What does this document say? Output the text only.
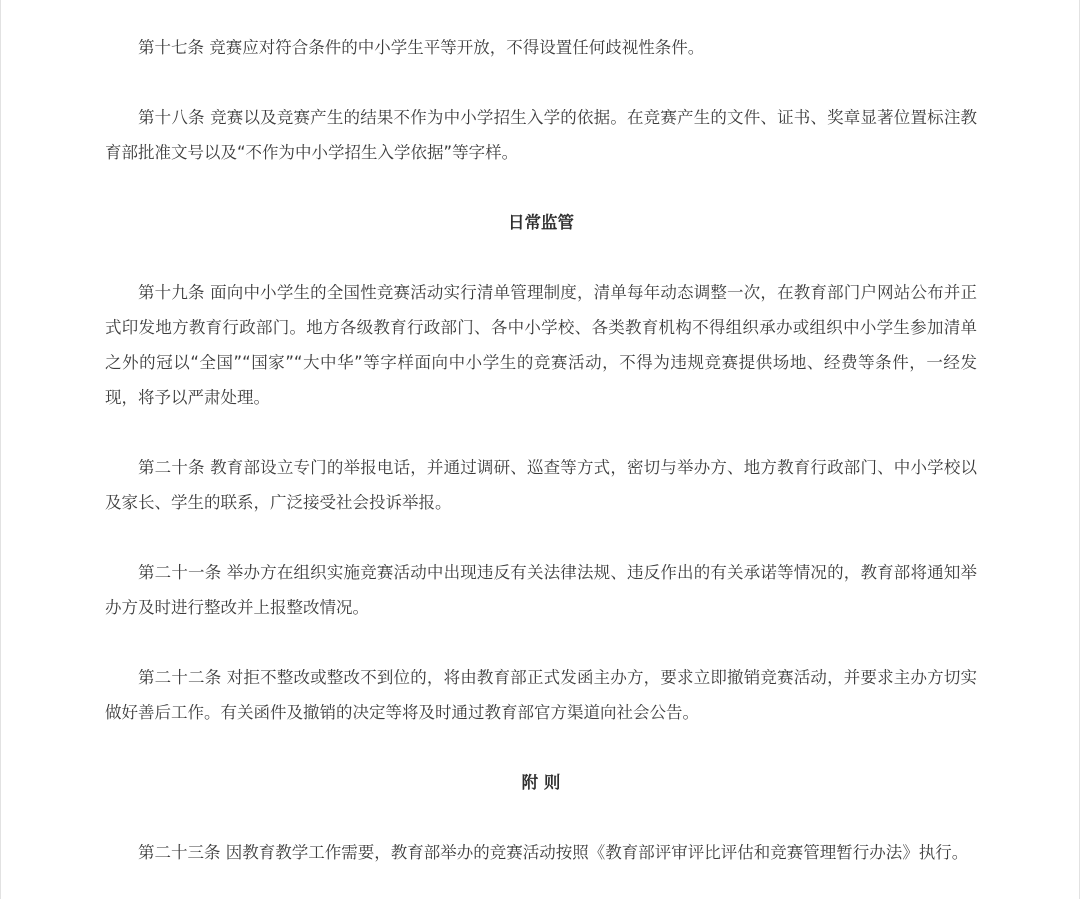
第十七条 竞赛应对符合条件的中小学生平等开放，不得设置任何歧视性条件。

第十八条 竞赛以及竞赛产生的结果不作为中小学招生入学的依据。在竞赛产生的文件、证书、奖章显著位置标注教育部批准文号以及“不作为中小学招生入学依据”等字样。

日常监管

第十九条 面向中小学生的全国性竞赛活动实行清单管理制度，清单每年动态调整一次，在教育部门户网站公布并正式印发地方教育行政部门。地方各级教育行政部门、各中小学校、各类教育机构不得组织承办或组织中小学生参加清单之外的冠以“全国”“国家”“大中华”等字样面向中小学生的竞赛活动，不得为违规竞赛提供场地、经费等条件，一经发现，将予以严肃处理。

第二十条 教育部设立专门的举报电话，并通过调研、巡查等方式，密切与举办方、地方教育行政部门、中小学校以及家长、学生的联系，广泛接受社会投诉举报。

第二十一条 举办方在组织实施竞赛活动中出现违反有关法律法规、违反作出的有关承诺等情况的，教育部将通知举办方及时进行整改并上报整改情况。

第二十二条 对拒不整改或整改不到位的，将由教育部正式发函主办方，要求立即撤销竞赛活动，并要求主办方切实做好善后工作。有关函件及撤销的决定等将及时通过教育部官方渠道向社会公告。

附 则

第二十三条 因教育教学工作需要，教育部举办的竞赛活动按照《教育部评审评比评估和竞赛管理暂行办法》执行。
